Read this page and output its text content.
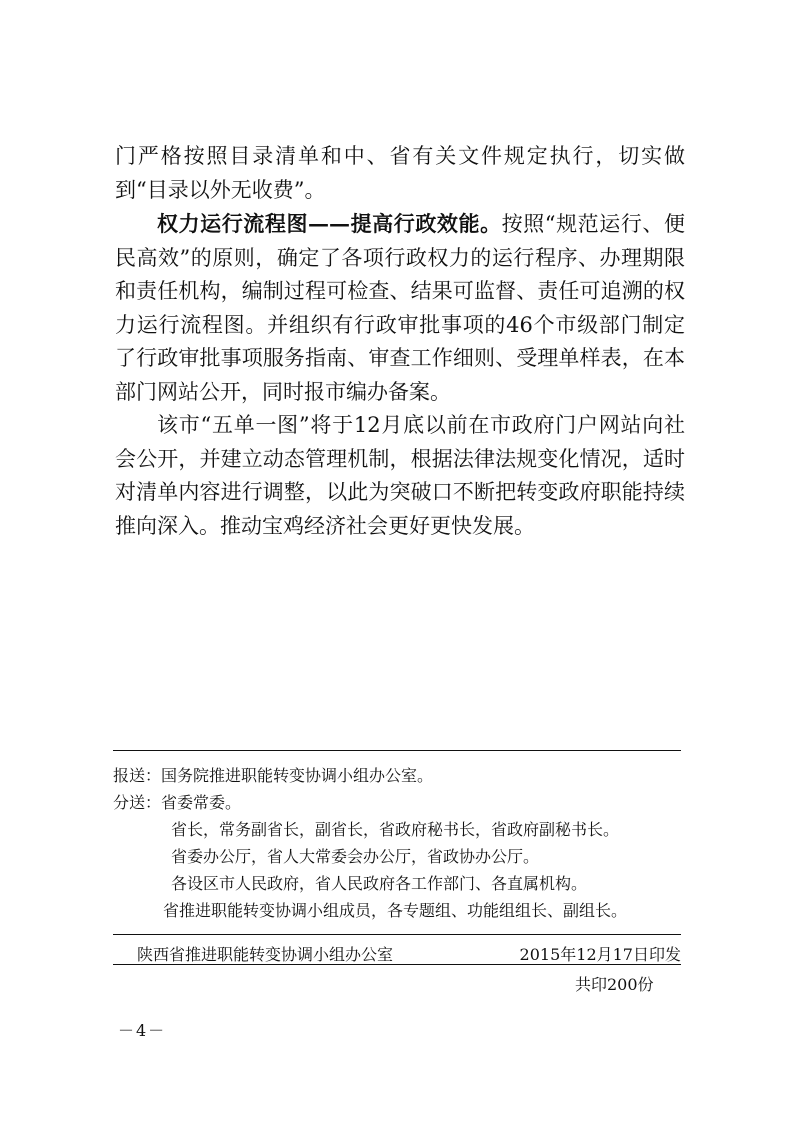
门严格按照目录清单和中、省有关文件规定执行，切实做到“目录以外无收费”。

权力运行流程图——提高行政效能。按照“规范运行、便民高效”的原则，确定了各项行政权力的运行程序、办理期限和责任机构，编制过程可检查、结果可监督、责任可追溯的权力运行流程图。并组织有行政审批事项的46个市级部门制定了行政审批事项服务指南、审查工作细则、受理单样表，在本部门网站公开，同时报市编办备案。

该市“五单一图”将于12月底以前在市政府门户网站向社会公开，并建立动态管理机制，根据法律法规变化情况，适时对清单内容进行调整，以此为突破口不断把转变政府职能持续推向深入。推动宝鸡经济社会更好更快发展。

报送：国务院推进职能转变协调小组办公室。
分送：省委常委。
省长，常务副省长，副省长，省政府秘书长，省政府副秘书长。
省委办公厅，省人大常委会办公厅，省政协办公厅。
各设区市人民政府，省人民政府各工作部门、各直属机构。
省推进职能转变协调小组成员，各专题组、功能组组长、副组长。
陕西省推进职能转变协调小组办公室	2015年12月17日印发
共印200份
－4－
